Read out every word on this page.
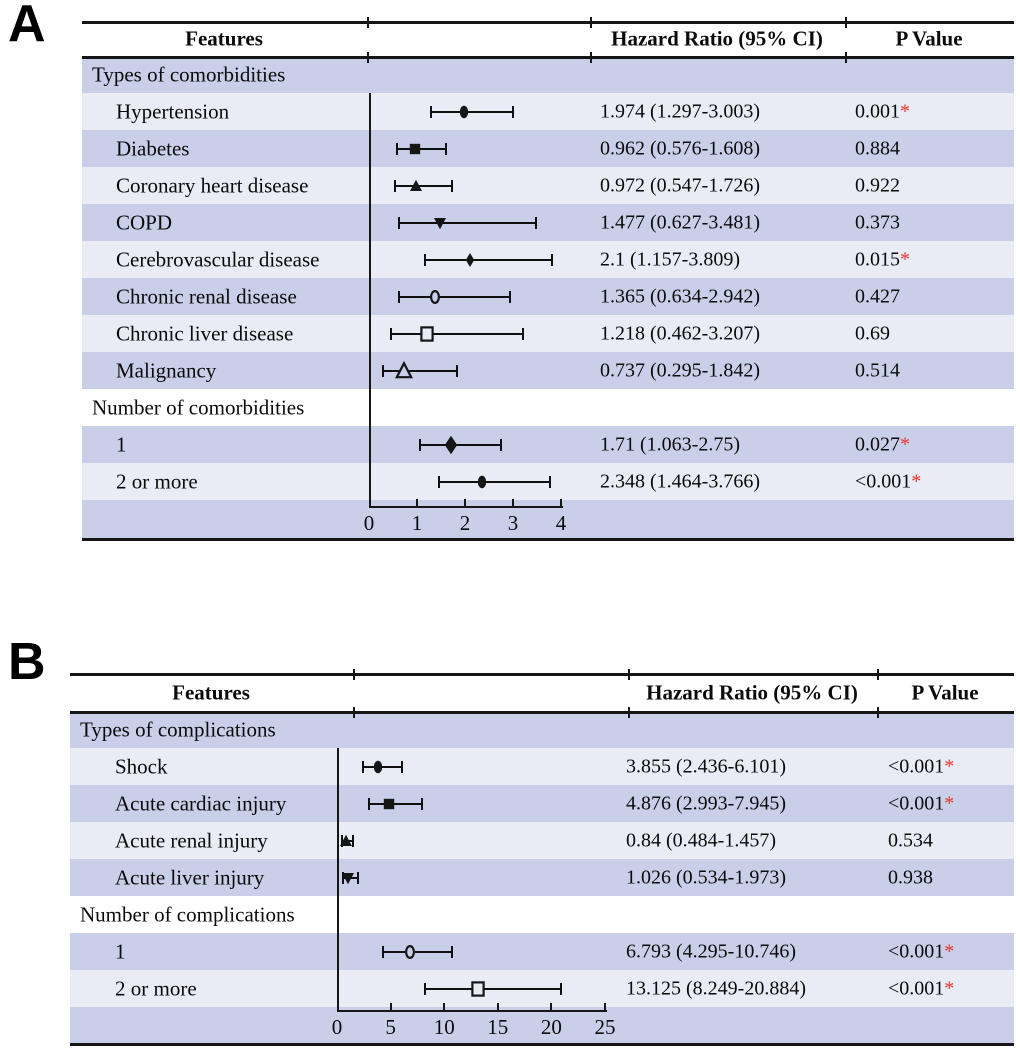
A	Features	Hazard Ratio (95% CI)	P Value
Types of comorbidities
Hypertension	1.974 (1.297-3.003)	0.001*
Diabetes	0.962 (0.576-1.608)	0.884
Coronary heart disease	0.972 (0.547-1.726)	0.922
COPD	1.477 (0.627-3.481)	0.373
Cerebrovascular disease	2.1 (1.157-3.809)	0.015*
Chronic renal disease	1.365 (0.634-2.942)	0.427
Chronic liver disease	1.218 (0.462-3.207)	0.69
Malignancy	0.737 (0.295-1.842)	0.514
Number of comorbidities
1	1.71 (1.063-2.75)	0.027*
2 or more	2.348 (1.464-3.766)	<0.001*
0 1 2 3 4
B
Features	Hazard Ratio (95% CI)	P Value
Types of complications
Shock	3.855 (2.436-6.101)	<0.001*
Acute cardiac injury	4.876 (2.993-7.945)	<0.001*
Acute renal injury	0.84 (0.484-1.457)	0.534
Acute liver injury	1.026 (0.534-1.973)	0.938
Number of complications
1	6.793 (4.295-10.746)	<0.001*
2 or more	13.125 (8.249-20.884)	<0.001*
0 5 10 15 20 25
